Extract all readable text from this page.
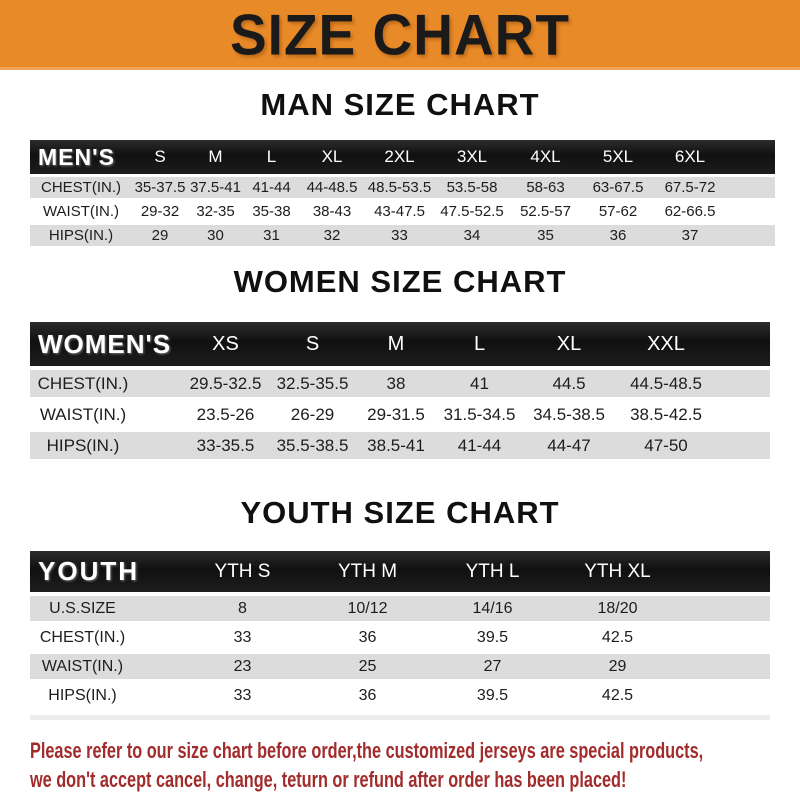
SIZE CHART
MAN SIZE CHART
MEN'S	S	M	L	XL	2XL	3XL	4XL	5XL	6XL
CHEST(IN.) 35-37.5 37.5-41 41-44	44-48.5 48.5-53.5	53.5-58	58-63	63-67.5	67.5-72
WAIST(IN.)	29-32	32-35	35-38	38-43	43-47.5	47.5-52.5	52.5-57	57-62	62-66.5
HIPS(IN.)	29	30	31	32	33	34	35	36	37
WOMEN SIZE CHART
WOMEN'S	XS	S	M	L	XL	XXL
CHEST(IN.)	29.5-32.5 32.5-35.5	38	41	44.5	44.5-48.5
WAIST(IN.)	23.5-26	26-29	29-31.5	31.5-34.5	34.5-38.5	38.5-42.5
HIPS(IN.)	33-35.5	35.5-38.5	38.5-41	41-44	44-47	47-50
YOUTH SIZE CHART
YOUTH	YTH S	YTH M	YTH L	YTH XL
U.S.SIZE	8	10/12	14/16	18/20
CHEST(IN.)	33	36	39.5	42.5
WAIST(IN.)	23	25	27	29
HIPS(IN.)	33	36	39.5	42.5
Please refer to our size chart before order,the customized jerseys are special products,
we don't accept cancel, change, teturn or refund after order has been placed!
